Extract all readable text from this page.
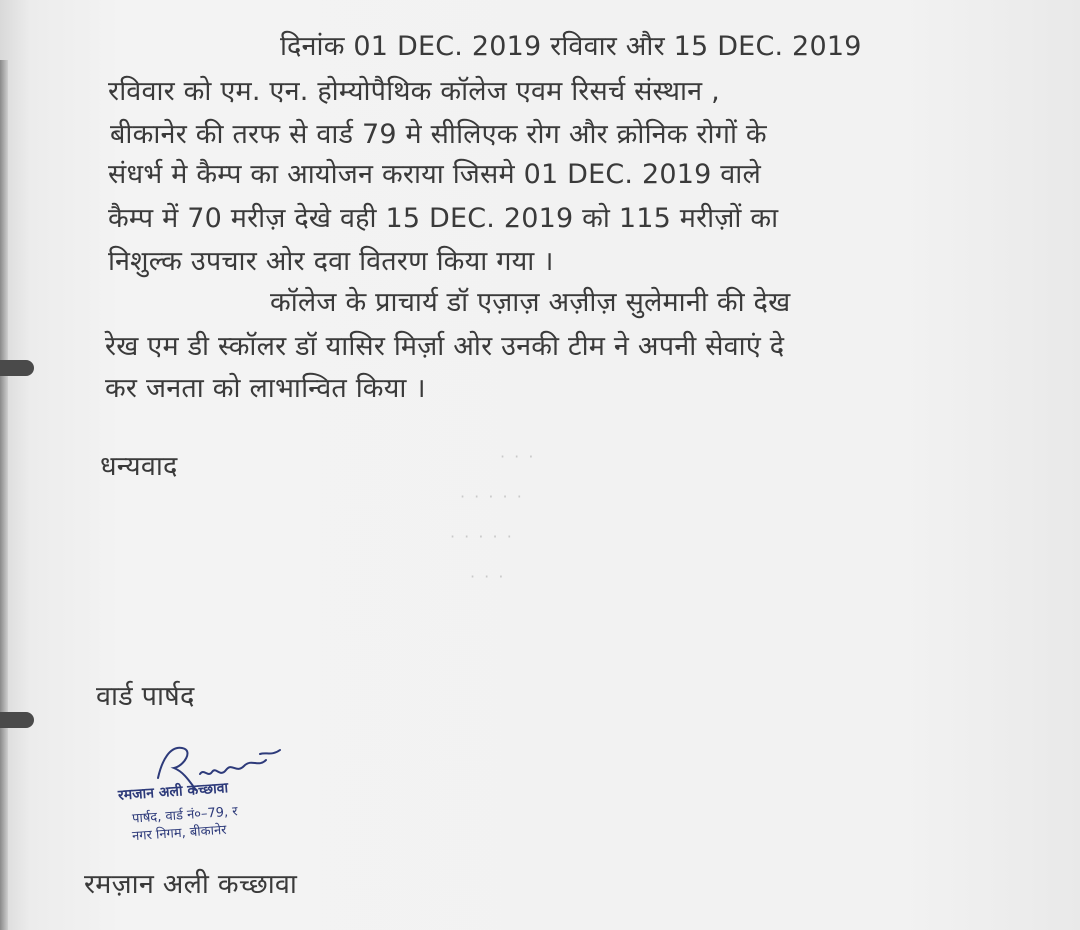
दिनांक 01 DEC. 2019 रविवार और 15 DEC. 2019
रविवार को एम. एन. होम्योपैथिक कॉलेज एवम रिसर्च संस्थान ,
बीकानेर की तरफ से वार्ड 79 मे सीलिएक रोग और क्रोनिक रोगों के
संधर्भ मे कैम्प का आयोजन कराया जिसमे 01 DEC. 2019 वाले
कैम्प में 70 मरीज़ देखे वही 15 DEC. 2019 को 115 मरीज़ों का
निशुल्क उपचार ओर दवा वितरण किया गया ।
कॉलेज के प्राचार्य डॉ एज़ाज़ अज़ीज़ सुलेमानी की देख
रेख एम डी स्कॉलर डॉ यासिर मिर्ज़ा ओर उनकी टीम ने अपनी सेवाएं दे
कर जनता को लाभान्वित किया ।
धन्यवाद	· · ·
· · · · ·
· · · · ·
· · ·
वार्ड पार्षद
रमजान अली कच्छावा
पार्षद, वार्ड नं०–79, र
नगर निगम, बीकानेर
रमज़ान अली कच्छावा
